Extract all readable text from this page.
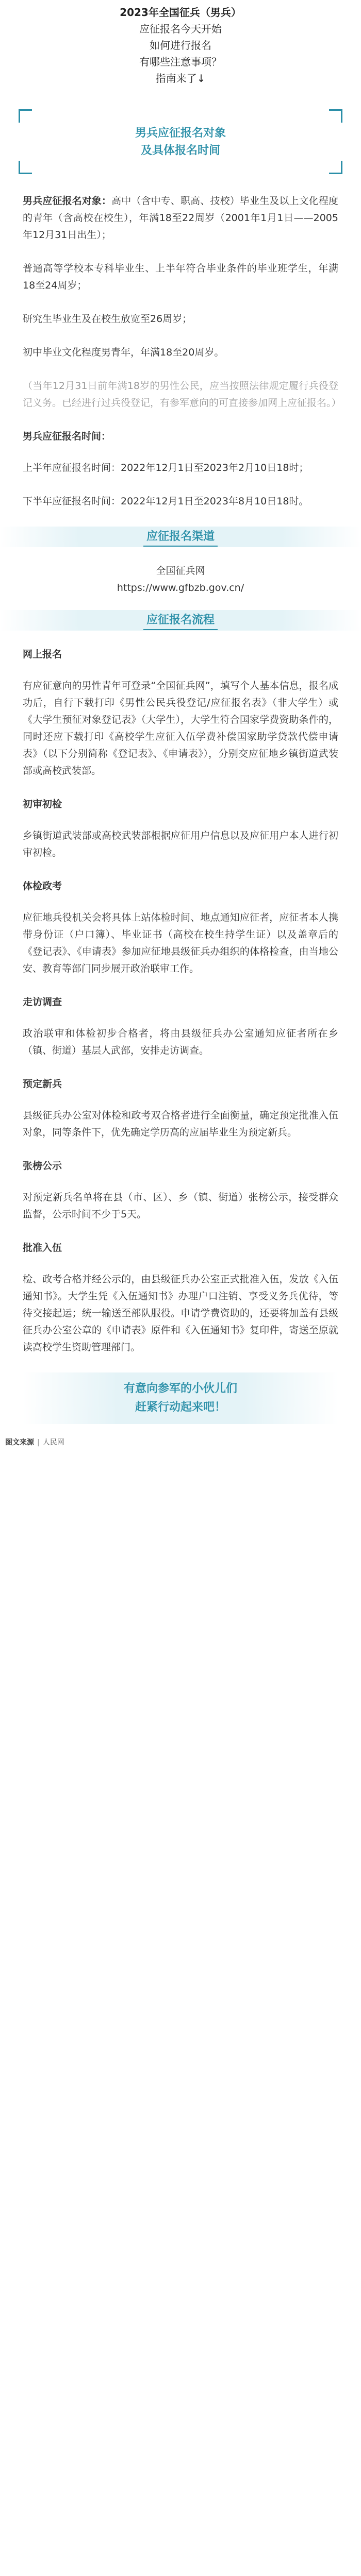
2023年全国征兵（男兵）

应征报名今天开始

如何进行报名

有哪些注意事项？

指南来了↓

男兵应征报名对象
及具体报名时间

男兵应征报名对象：高中（含中专、职高、技校）毕业生及以上文化程度的青年（含高校在校生），年满18至22周岁（2001年1月1日——2005年12月31日出生）；

普通高等学校本专科毕业生、上半年符合毕业条件的毕业班学生，年满18至24周岁；

研究生毕业生及在校生放宽至26周岁；

初中毕业文化程度男青年，年满18至20周岁。

（当年12月31日前年满18岁的男性公民，应当按照法律规定履行兵役登记义务。已经进行过兵役登记，有参军意向的可直接参加网上应征报名。）

男兵应征报名时间：

上半年应征报名时间：2022年12月1日至2023年2月10日18时；

下半年应征报名时间：2022年12月1日至2023年8月10日18时。

应征报名渠道
全国征兵网
https://www.gfbzb.gov.cn/
应征报名流程

网上报名

有应征意向的男性青年可登录“全国征兵网”，填写个人基本信息，报名成功后，自行下载打印《男性公民兵役登记/应征报名表》（非大学生）或《大学生预征对象登记表》（大学生），大学生符合国家学费资助条件的，同时还应下载打印《高校学生应征入伍学费补偿国家助学贷款代偿申请表》（以下分别简称《登记表》、《申请表》），分别交应征地乡镇街道武装部或高校武装部。

初审初检

乡镇街道武装部或高校武装部根据应征用户信息以及应征用户本人进行初审初检。

体检政考

应征地兵役机关会将具体上站体检时间、地点通知应征者，应征者本人携带身份证（户口簿）、毕业证书（高校在校生持学生证）以及盖章后的《登记表》、《申请表》参加应征地县级征兵办组织的体格检查，由当地公安、教育等部门同步展开政治联审工作。

走访调查

政治联审和体检初步合格者，将由县级征兵办公室通知应征者所在乡（镇、街道）基层人武部，安排走访调查。

预定新兵

县级征兵办公室对体检和政考双合格者进行全面衡量，确定预定批准入伍对象，同等条件下，优先确定学历高的应届毕业生为预定新兵。

张榜公示

对预定新兵名单将在县（市、区）、乡（镇、街道）张榜公示，接受群众监督，公示时间不少于5天。

批准入伍

检、政考合格并经公示的，由县级征兵办公室正式批准入伍，发放《入伍通知书》。大学生凭《入伍通知书》办理户口注销、享受义务兵优待，等待交接起运；统一输送至部队服役。申请学费资助的，还要将加盖有县级征兵办公室公章的《申请表》原件和《入伍通知书》复印件，寄送至原就读高校学生资助管理部门。

有意向参军的小伙儿们

赶紧行动起来吧！

图文来源 | 人民网
